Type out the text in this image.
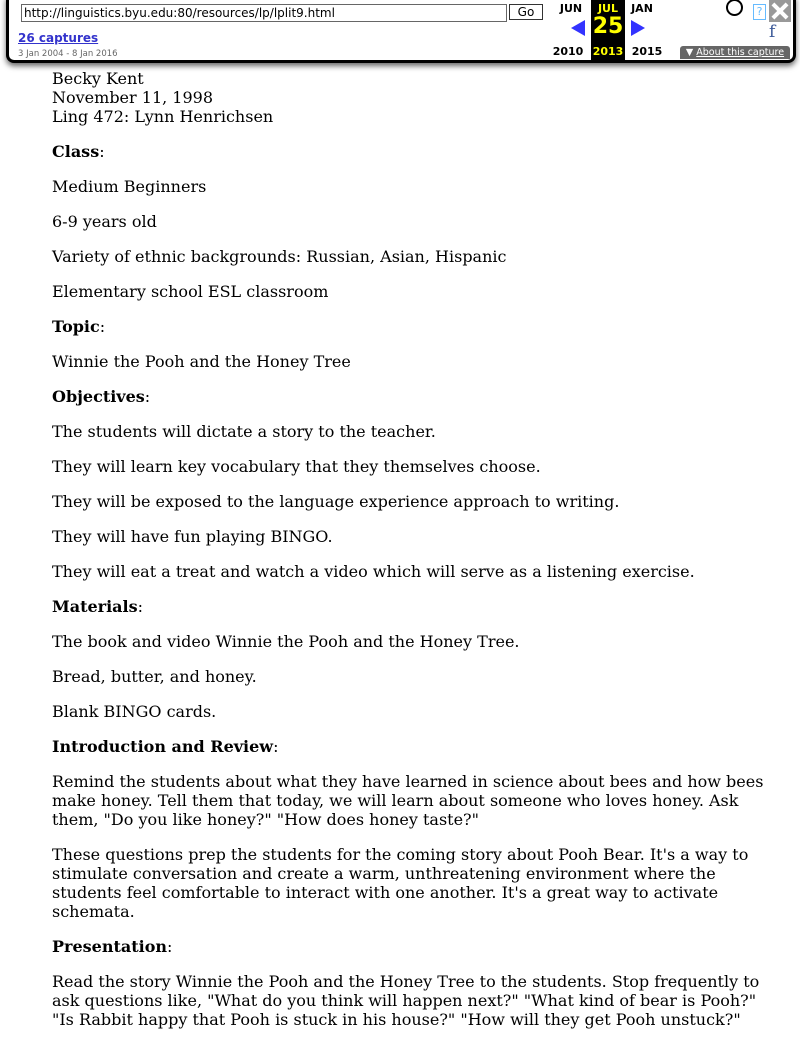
http://linguistics.byu.edu:80/resources/lp/lplit9.html
Go
26 captures
3 Jan 2004 - 8 Jan 2016
JUN
2010
JUL
25
2013
JAN
2015
?
f
▼ About this capture

Becky Kent
November 11, 1998
Ling 472: Lynn Henrichsen

Class:

Medium Beginners

6-9 years old

Variety of ethnic backgrounds: Russian, Asian, Hispanic

Elementary school ESL classroom

Topic:

Winnie the Pooh and the Honey Tree

Objectives:

The students will dictate a story to the teacher.

They will learn key vocabulary that they themselves choose.

They will be exposed to the language experience approach to writing.

They will have fun playing BINGO.

They will eat a treat and watch a video which will serve as a listening exercise.

Materials:

The book and video Winnie the Pooh and the Honey Tree.

Bread, butter, and honey.

Blank BINGO cards.

Introduction and Review:

Remind the students about what they have learned in science about bees and how bees make honey. Tell them that today, we will learn about someone who loves honey. Ask them, "Do you like honey?" "How does honey taste?"

These questions prep the students for the coming story about Pooh Bear. It's a way to stimulate conversation and create a warm, unthreatening environment where the students feel comfortable to interact with one another. It's a great way to activate schemata.

Presentation:

Read the story Winnie the Pooh and the Honey Tree to the students. Stop frequently to ask questions like, "What do you think will happen next?" "What kind of bear is Pooh?" "Is Rabbit happy that Pooh is stuck in his house?" "How will they get Pooh unstuck?"
